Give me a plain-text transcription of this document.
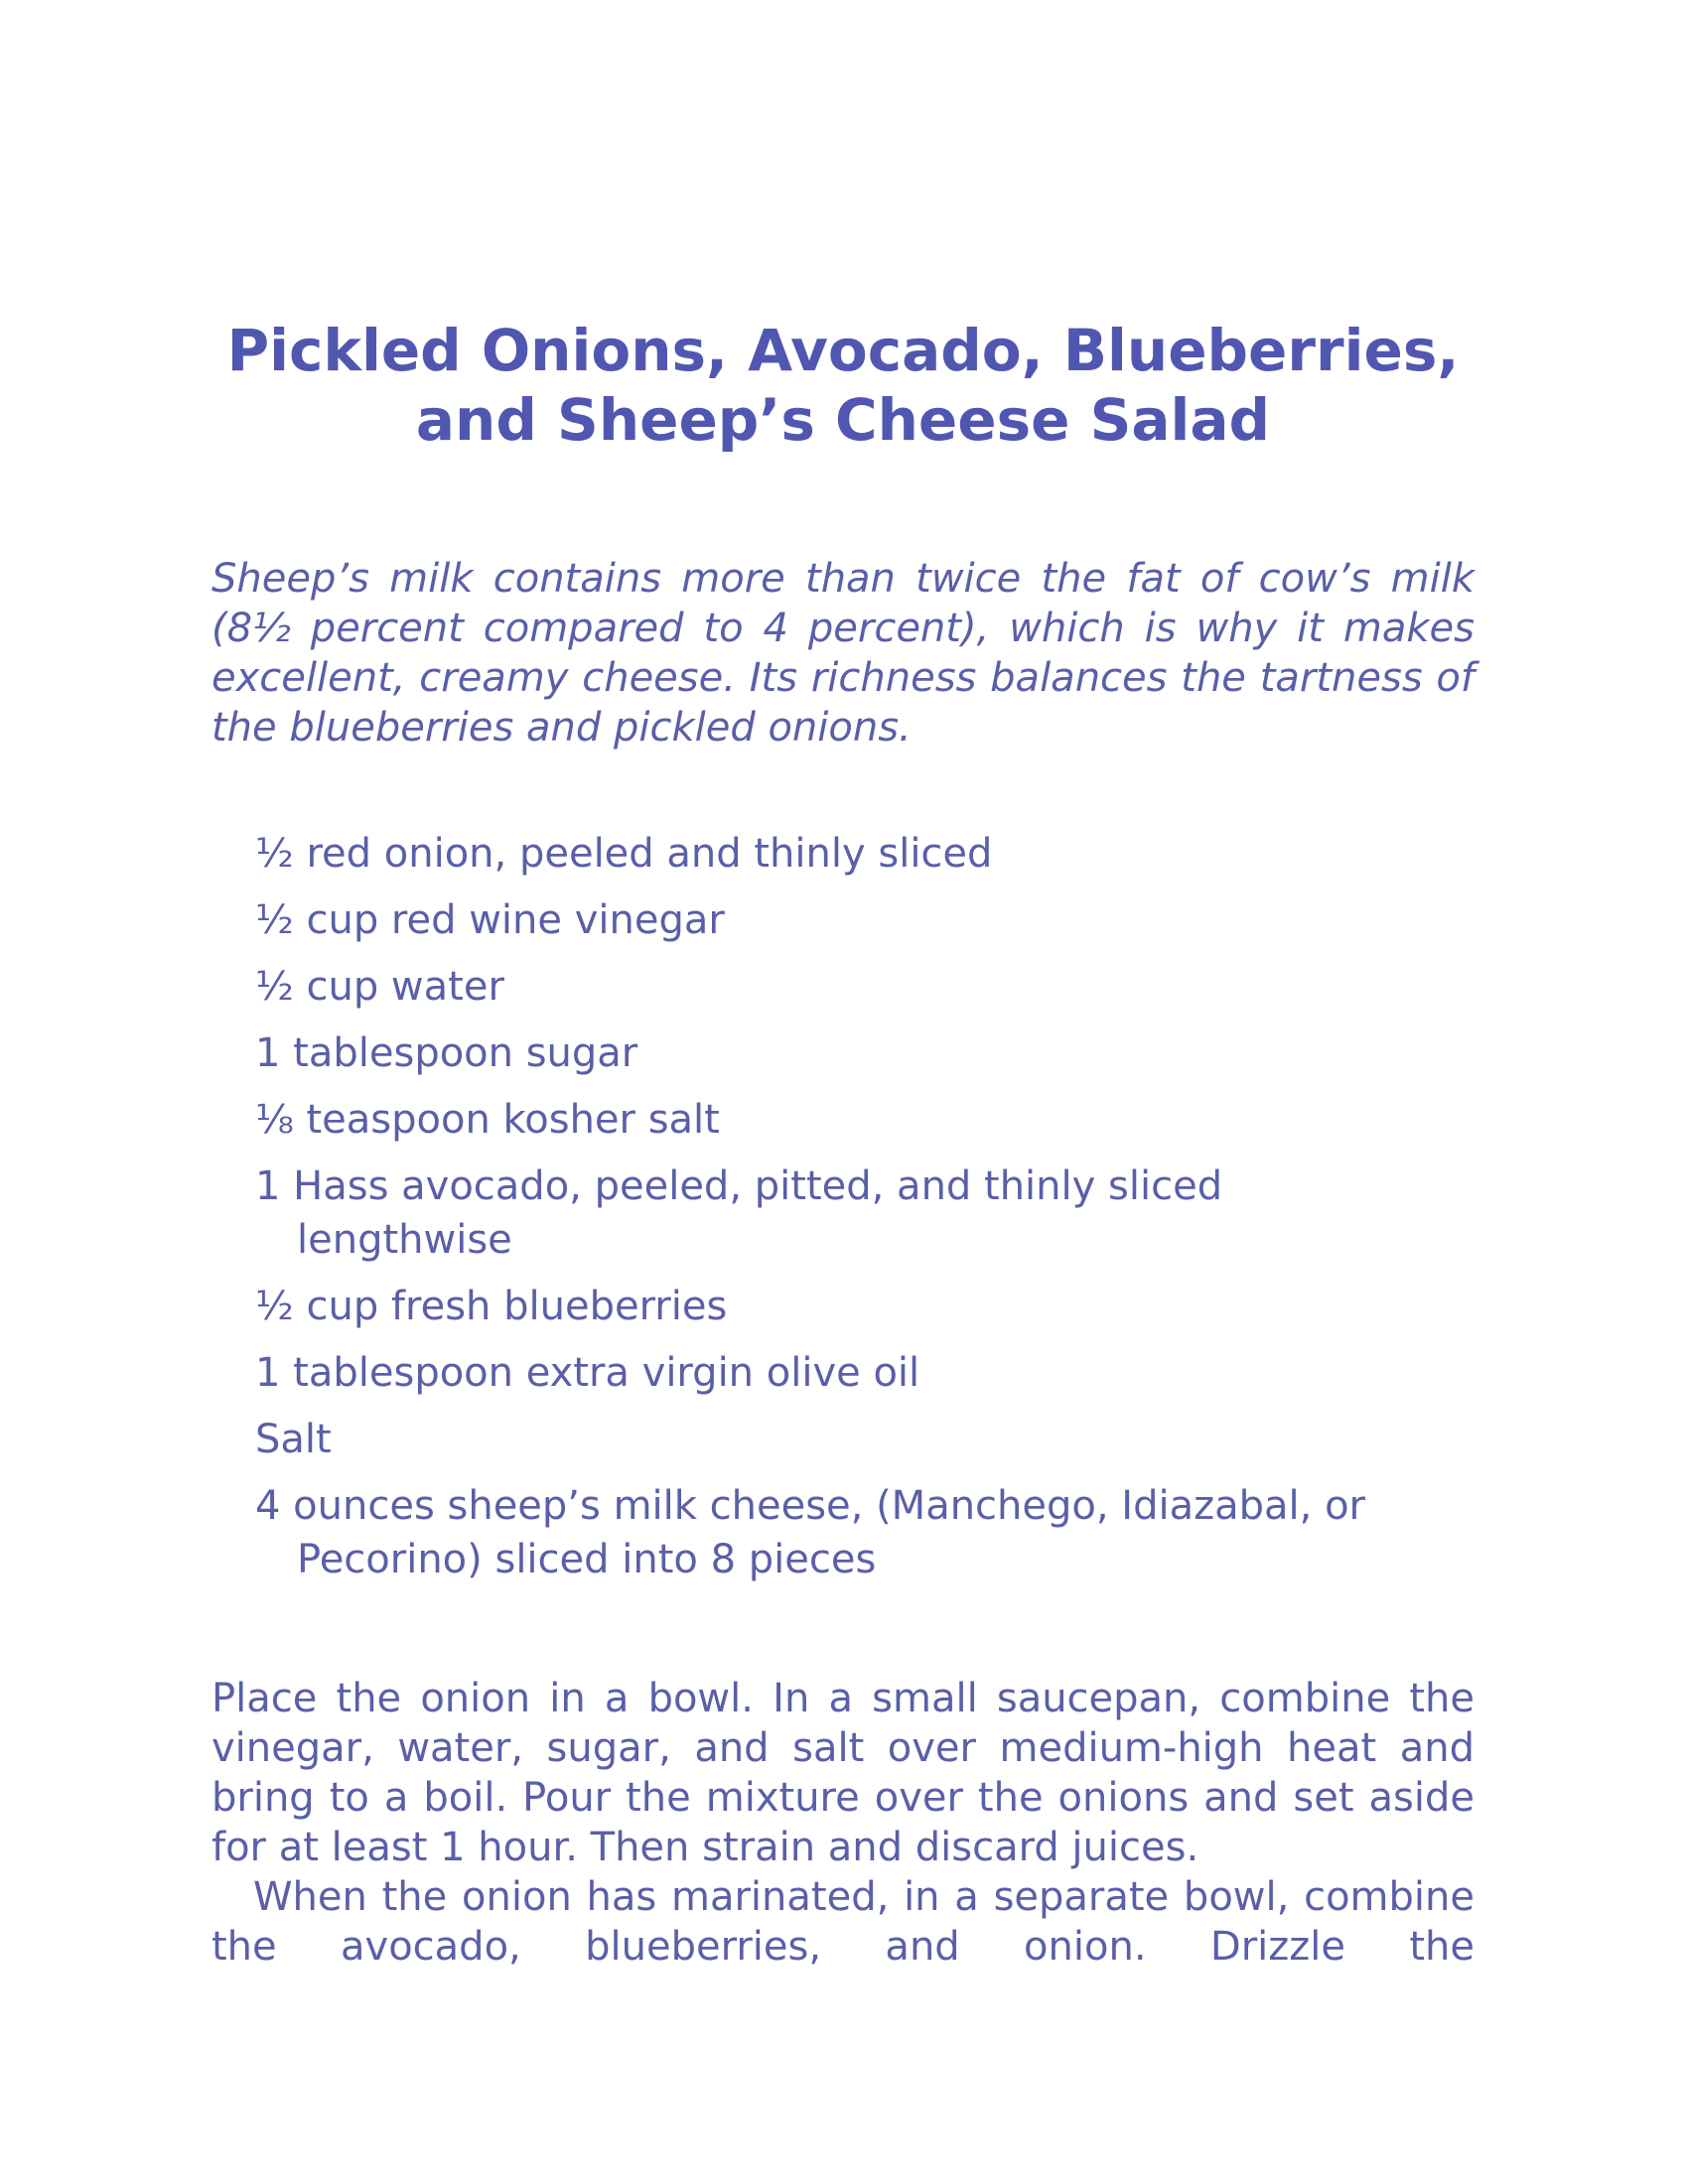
Pickled Onions, Avocado, Blueberries,
and Sheep’s Cheese Salad

Sheep’s milk contains more than twice the fat of cow’s milk (8½ percent compared to 4 percent), which is why it makes excellent, creamy cheese. Its richness balances the tartness of the blueberries and pickled onions.

½ red onion, peeled and thinly sliced
½ cup red wine vinegar
½ cup water
1 tablespoon sugar
⅛ teaspoon kosher salt
1 Hass avocado, peeled, pitted, and thinly sliced lengthwise
½ cup fresh blueberries
1 tablespoon extra virgin olive oil
Salt
4 ounces sheep’s milk cheese, (Manchego, Idiazabal, or Pecorino) sliced into 8 pieces

Place the onion in a bowl. In a small saucepan, combine the vinegar, water, sugar, and salt over medium-high heat and bring to a boil. Pour the mixture over the onions and set aside for at least 1 hour. Then strain and discard juices.

When the onion has marinated, in a separate bowl, combine the avocado, blueberries, and onion. Drizzle the
